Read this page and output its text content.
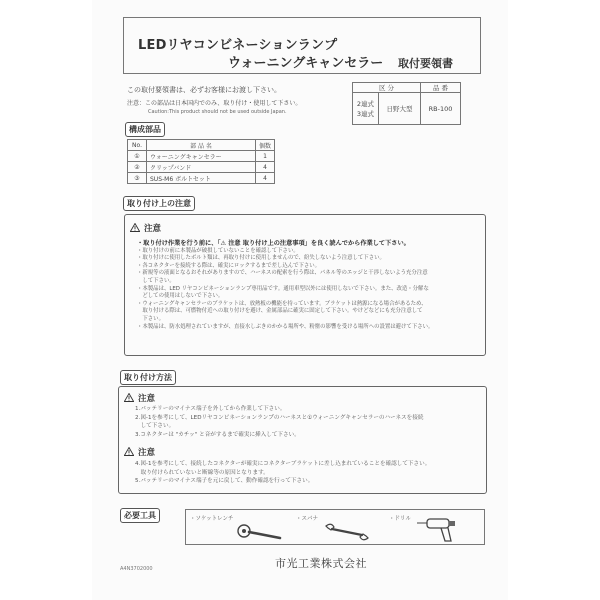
LEDリヤコンビネーションランプ
ウォーニングキャンセラー 取付要領書
この取付要領書は、必ずお客様にお渡し下さい。
注意：この部品は日本国内でのみ、取り付け・使用して下さい。
Caution:This product should not be used outside Japan.
区 分		品 番
2連式
3連式	日野大型	RB-100
構成部品
No.	部 品 名	個数
①	ウォーニングキャンセラー	1
②	クリップバンド	4
③	SUS-M6 ボルトセット	4
取り付け上の注意
注意
・取り付け作業を行う前に、「⚠ 注意 取り付け上の注意事項」を良く読んでから作業して下さい。
・取り付けの前に本製品が破損していないことを確認して下さい。
・取り付けに使用したボルト類は、再取り付けに使用しませんので、紛失しないよう注意して下さい。
・各コネクターを接続する際は、確実にロックするまで差し込んで下さい。
・新規等の液面となるおそれがありますので、ハーネスの配索を行う際は、パネル等のエッジと干渉しないよう充分注意
　して下さい。
・本製品は、LED リヤコンビネーションランプ専用品です。通用車型以外には使用しないで下さい。また、改造・分解な
　どしての使用はしないで下さい。
・ウォーニングキャンセラーのブラケットは、放熱板の機能を持っています。ブラケットは熱源になる場合があるため、
　取り付ける際は、可燃物付近への取り付けを避け、金属部品に確実に固定して下さい。やけどなどにも充分注意して
　下さい。
・本製品は、防水処理されていますが、直接水しぶきのかかる場所や、粉塵の影響を受ける場所への設置は避けて下さい。
取り付け方法
注意
1.バッテリーのマイナス端子を外してから作業して下さい。
2.図-1を参考にして、LEDリヤコンビネーションランプのハーネスと①ウォーニングキャンセラーのハーネスを接続
　して下さい。
3.コネクターは "カチッ" と音がするまで確実に挿入して下さい。
注意
4.図-1を参考にして、接続したコネクターが確実にコネクターブラケットに差し込まれていることを確認して下さい。
　取り付けられていないと断線等の原因となります。
5.バッテリーのマイナス端子を元に戻して、動作確認を行って下さい。
必要工具	・ソケットレンチ	・スパナ	・ドリル
A4N3702000	市光工業株式会社
